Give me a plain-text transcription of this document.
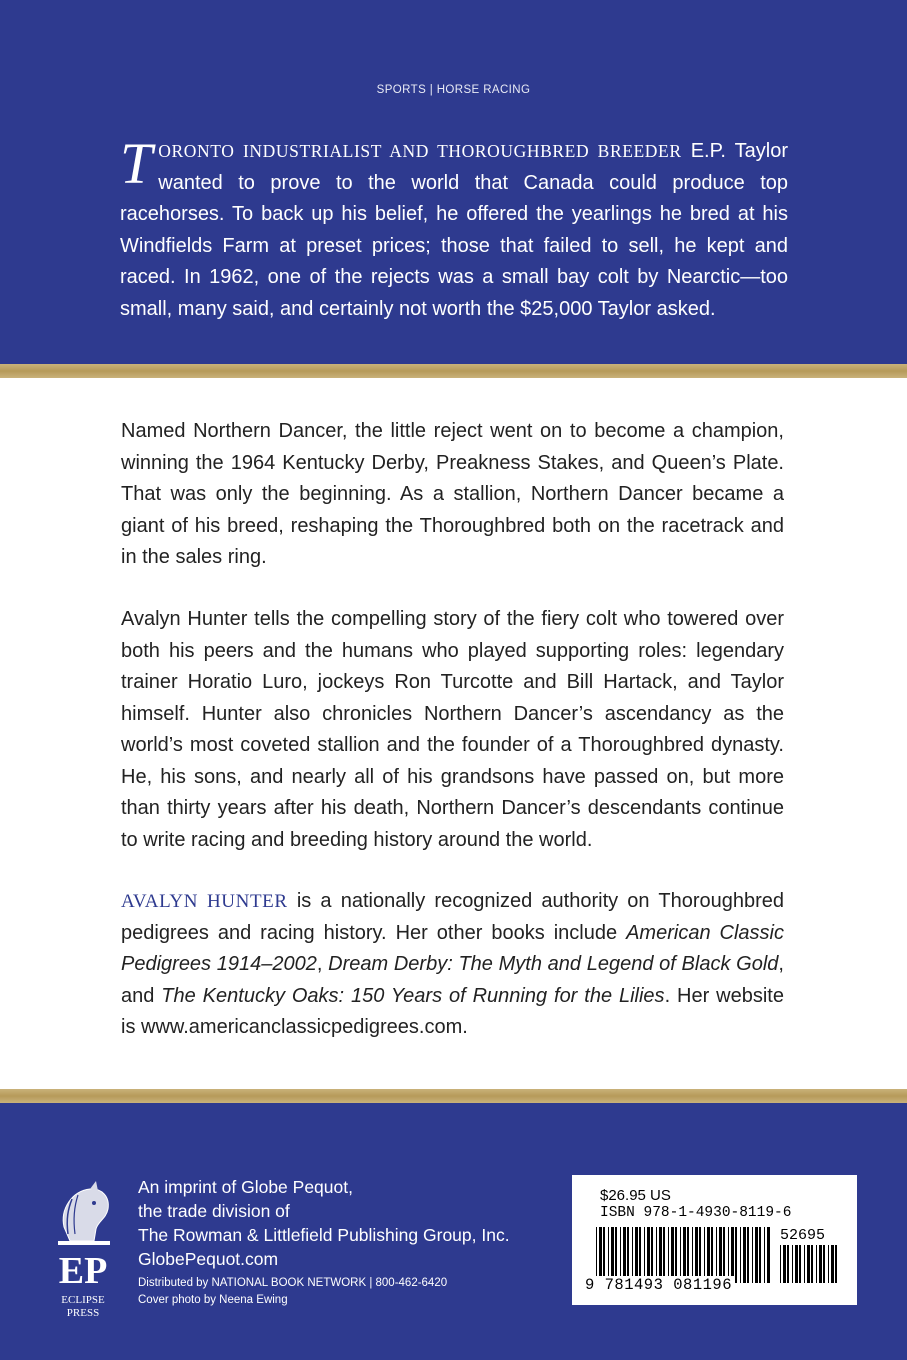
SPORTS | HORSE RACING
TORONTO INDUSTRIALIST AND THOROUGHBRED BREEDER E.P. Taylor wanted to prove to the world that Canada could produce top racehorses. To back up his belief, he offered the yearlings he bred at his Windfields Farm at preset prices; those that failed to sell, he kept and raced. In 1962, one of the rejects was a small bay colt by Nearctic—too small, many said, and certainly not worth the $25,000 Taylor asked.

Named Northern Dancer, the little reject went on to become a champion, winning the 1964 Kentucky Derby, Preakness Stakes, and Queen’s Plate. That was only the beginning. As a stallion, Northern Dancer became a giant of his breed, reshaping the Thoroughbred both on the racetrack and in the sales ring.

Avalyn Hunter tells the compelling story of the fiery colt who towered over both his peers and the humans who played supporting roles: legendary trainer Horatio Luro, jockeys Ron Turcotte and Bill Hartack, and Taylor himself. Hunter also chronicles Northern Dancer’s ascendancy as the world’s most coveted stallion and the founder of a Thoroughbred dynasty. He, his sons, and nearly all of his grandsons have passed on, but more than thirty years after his death, Northern Dancer’s descendants continue to write racing and breeding history around the world.

AVALYN HUNTER is a nationally recognized authority on Thoroughbred pedigrees and racing history. Her other books include American Classic Pedigrees 1914–2002, Dream Derby: The Myth and Legend of Black Gold, and The Kentucky Oaks: 150 Years of Running for the Lilies. Her website is www.americanclassicpedigrees.com.

EP
ECLIPSE
PRESS
An imprint of Globe Pequot,
the trade division of
The Rowman & Littlefield Publishing Group, Inc.
GlobePequot.com
Distributed by NATIONAL BOOK NETWORK | 800-462-6420
Cover photo by Neena Ewing
$26.95 US
ISBN 978-1-4930-8119-6
52695
9 781493 081196
